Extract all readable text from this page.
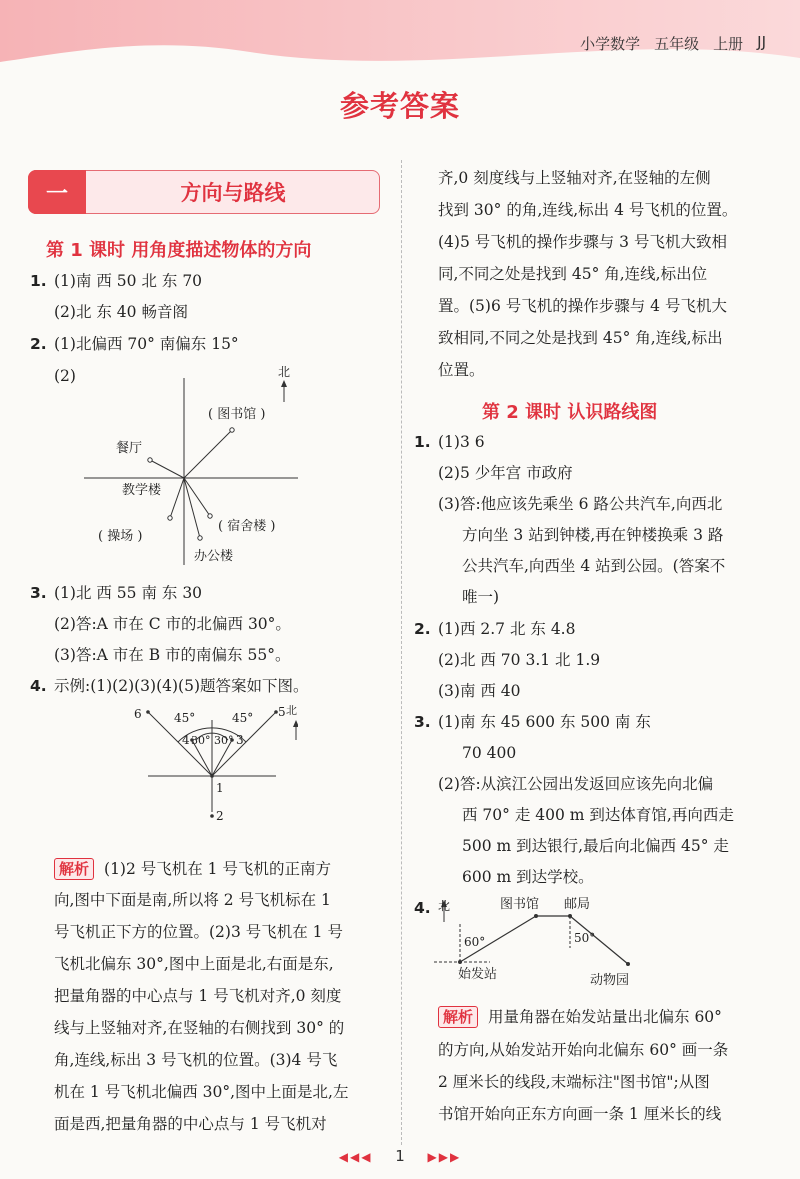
小学数学 五年级 上册 JJ
参考答案
一	方向与路线
第 1 课时 用角度描述物体的方向
1. (1)南 西 50 北 东 70
(2)北 东 40 畅音阁
2. (1)北偏西 70° 南偏东 15°
(2)	北
( 图书馆 )
餐厅
教学楼
( 操场 )
( 宿舍楼 )
办公楼
3. (1)北 西 55 南 东 30
(2)答:A 市在 C 市的北偏西 30°。
(3)答:A 市在 B 市的南偏东 55°。
4. 示例:(1)(2)(3)(4)(5)题答案如下图。
6	5 北
45°	45°
4 30° 30° 3
1
2
解析 (1)2 号飞机在 1 号飞机的正南方
向,图中下面是南,所以将 2 号飞机标在 1
号飞机正下方的位置。(2)3 号飞机在 1 号
飞机北偏东 30°,图中上面是北,右面是东,
把量角器的中心点与 1 号飞机对齐,0 刻度
线与上竖轴对齐,在竖轴的右侧找到 30° 的
角,连线,标出 3 号飞机的位置。(3)4 号飞
机在 1 号飞机北偏西 30°,图中上面是北,左
面是西,把量角器的中心点与 1 号飞机对
齐,0 刻度线与上竖轴对齐,在竖轴的左侧
找到 30° 的角,连线,标出 4 号飞机的位置。
(4)5 号飞机的操作步骤与 3 号飞机大致相
同,不同之处是找到 45° 角,连线,标出位
置。(5)6 号飞机的操作步骤与 4 号飞机大
致相同,不同之处是找到 45° 角,连线,标出
位置。
第 2 课时 认识路线图
1. (1)3 6
(2)5 少年宫 市政府
(3)答:他应该先乘坐 6 路公共汽车,向西北
方向坐 3 站到钟楼,再在钟楼换乘 3 路
公共汽车,向西坐 4 站到公园。(答案不
唯一)
2. (1)西 2.7 北 东 4.8
(2)北 西 70 3.1 北 1.9
(3)南 西 40
3. (1)南 东 45 600 东 500 南 东
70 400
(2)答:从滨江公园出发返回应该先向北偏
西 70° 走 400 m 到达体育馆,再向西走
500 m 到达银行,最后向北偏西 45° 走
600 m 到达学校。
4. 北	图书馆 邮局
60°	50°
始发站	动物园
解析 用量角器在始发站量出北偏东 60°
的方向,从始发站开始向北偏东 60° 画一条
2 厘米长的线段,末端标注"图书馆";从图
书馆开始向正东方向画一条 1 厘米长的线
◀◀◀ 1 ▶▶▶
